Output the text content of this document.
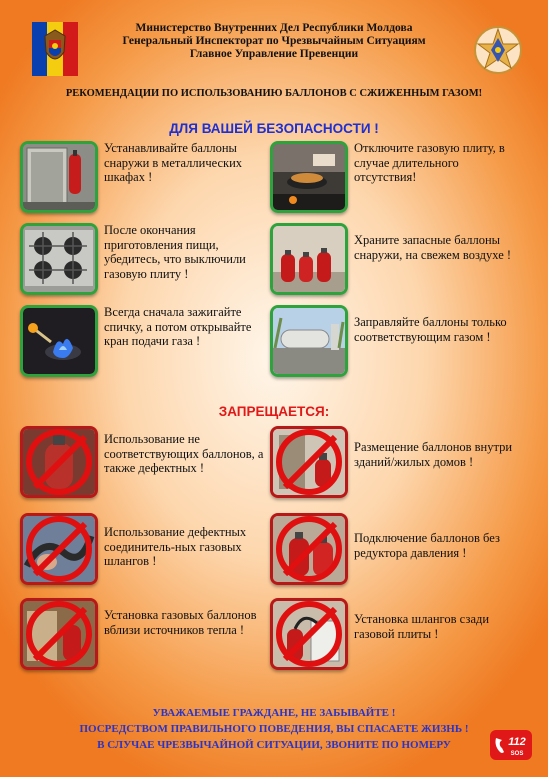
Министерство Внутренних Дел Республики Молдова
Генеральный Инспекторат по Чрезвычайным Ситуациям
Главное Управление Превенции
РЕКОМЕНДАЦИИ ПО ИСПОЛЬЗОВАНИЮ БАЛЛОНОВ С СЖИЖЕННЫМ ГАЗОМ!
ДЛЯ ВАШЕЙ БЕЗОПАСНОСТИ !
Устанавливайте баллоны снаружи в металлических шкафах !
Отключите газовую плиту, в случае длительного отсутствия!
После окончания приготовления пищи, убедитесь, что выключили газовую плиту !
Храните запасные баллоны снаружи, на свежем воздухе !
Всегда сначала зажигайте спичку, а потом открывайте кран подачи газа !
Заправляйте баллоны только соответствующим газом !
ЗАПРЕЩАЕТСЯ:
Использование не соответствующих баллонов, а также дефектных !
Размещение баллонов внутри зданий/жилых домов !
Использование дефектных соединитель-ных газовых шлангов !
Подключение баллонов без редуктора давления !
Установка газовых баллонов вблизи источников тепла !
Установка шлангов сзади газовой плиты !
УВАЖАЕМЫЕ ГРАЖДАНЕ, НЕ ЗАБЫВАЙТЕ !
ПОСРЕДСТВОМ ПРАВИЛЬНОГО ПОВЕДЕНИЯ, ВЫ СПАСАЕТЕ ЖИЗНЬ !
В СЛУЧАЕ ЧРЕЗВЫЧАЙНОЙ СИТУАЦИИ, ЗВОНИТЕ ПО НОМЕРУ	112
SOS
